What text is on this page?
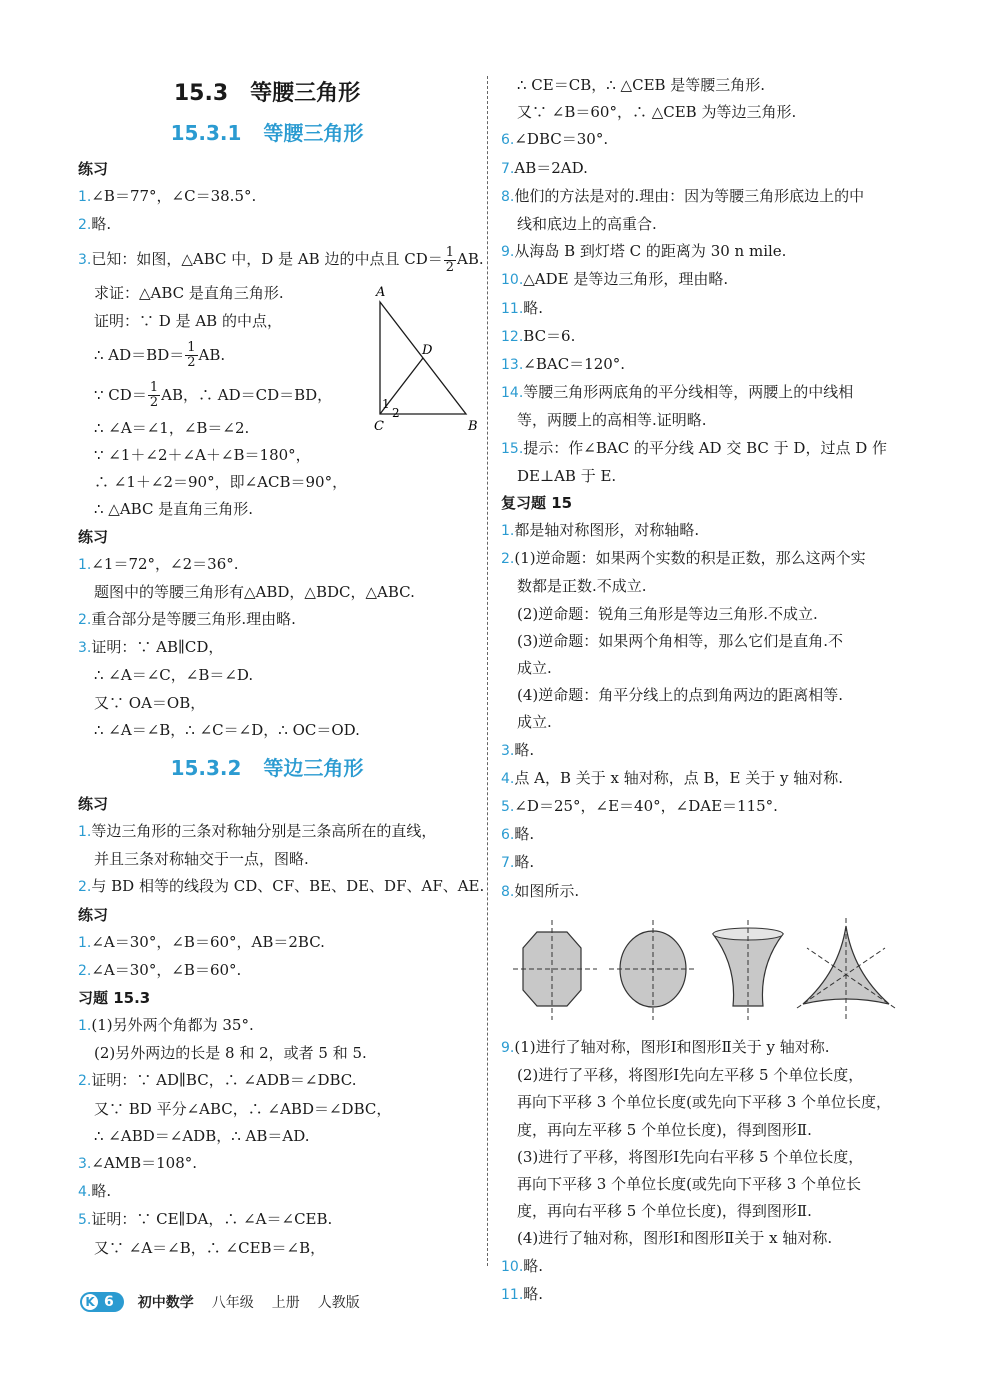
15.3 等腰三角形
15.3.1 等腰三角形
练习
1.∠B＝77°，∠C＝38.5°.
2.略.
3.已知：如图，△ABC 中，D 是 AB 边的中点且 $CD= \frac{1}{2}$ AB.
求证：△ABC 是直角三角形.
证明：∵ D 是 AB 的中点，
∴ $AD=BD= \frac{1}{2}$ AB.
∵ $CD= \frac{1}{2}$ AB，∴ AD＝CD＝BD，
∴ ∠A＝∠1，∠B＝∠2.
∵ ∠1＋∠2＋∠A＋∠B＝180°，
∴ ∠1＋∠2＝90°，即∠ACB＝90°，
∴ △ABC 是直角三角形.
A
B
C
D
1
2
练习
1.∠1＝72°，∠2＝36°.
题图中的等腰三角形有△ABD，△BDC，△ABC.
2.重合部分是等腰三角形.理由略.
3.证明：∵ AB∥CD，
∴ ∠A＝∠C，∠B＝∠D.
又∵ OA＝OB，
∴ ∠A＝∠B，∴ ∠C＝∠D，∴ OC＝OD.
15.3.2 等边三角形
练习
1.等边三角形的三条对称轴分别是三条高所在的直线，
并且三条对称轴交于一点，图略.
2.与 BD 相等的线段为 CD、CF、BE、DE、DF、AF、AE.
练习
1.∠A＝30°，∠B＝60°，AB＝2BC.
2.∠A＝30°，∠B＝60°.
习题 15.3
1.(1)另外两个角都为 35°.
(2)另外两边的长是 8 和 2，或者 5 和 5.
2.证明：∵ AD∥BC，∴ ∠ADB＝∠DBC.
又∵ BD 平分∠ABC，∴ ∠ABD＝∠DBC，
∴ ∠ABD＝∠ADB，∴ AB＝AD.
3.∠AMB＝108°.
4.略.
5.证明：∵ CE∥DA，∴ ∠A＝∠CEB.
又∵ ∠A＝∠B，∴ ∠CEB＝∠B，
∴ CE＝CB，∴ △CEB 是等腰三角形.
又∵ ∠B＝60°，∴ △CEB 为等边三角形.
6.∠DBC＝30°.
7.AB＝2AD.
8.他们的方法是对的.理由：因为等腰三角形底边上的中
线和底边上的高重合.
9.从海岛 B 到灯塔 C 的距离为 30 n mile.
10.△ADE 是等边三角形，理由略.
11.略.
12.BC＝6.
13.∠BAC＝120°.
14.等腰三角形两底角的平分线相等，两腰上的中线相
等，两腰上的高相等.证明略.
15.提示：作∠BAC 的平分线 AD 交 BC 于 D，过点 D 作
DE⊥AB 于 E.
复习题 15
1.都是轴对称图形，对称轴略.
2.(1)逆命题：如果两个实数的积是正数，那么这两个实
数都是正数.不成立.
(2)逆命题：锐角三角形是等边三角形.不成立.
(3)逆命题：如果两个角相等，那么它们是直角.不
成立.
(4)逆命题：角平分线上的点到角两边的距离相等.
成立.
3.略.
4.点 A，B 关于 x 轴对称，点 B，E 关于 y 轴对称.
5.∠D＝25°，∠E＝40°，∠DAE＝115°.
6.略.
7.略.
8.如图所示.
9.(1)进行了轴对称，图形Ⅰ和图形Ⅱ关于 y 轴对称.
(2)进行了平移，将图形Ⅰ先向左平移 5 个单位长度，
再向下平移 3 个单位长度(或先向下平移 3 个单位长度，
度，再向左平移 5 个单位长度)，得到图形Ⅱ.
(3)进行了平移，将图形Ⅰ先向右平移 5 个单位长度，
再向下平移 3 个单位长度(或先向下平移 3 个单位长
度，再向右平移 5 个单位长度)，得到图形Ⅱ.
(4)进行了轴对称，图形Ⅰ和图形Ⅱ关于 x 轴对称.
10.略.
11.略.
K 6 初中数学 八年级 上册 人教版
